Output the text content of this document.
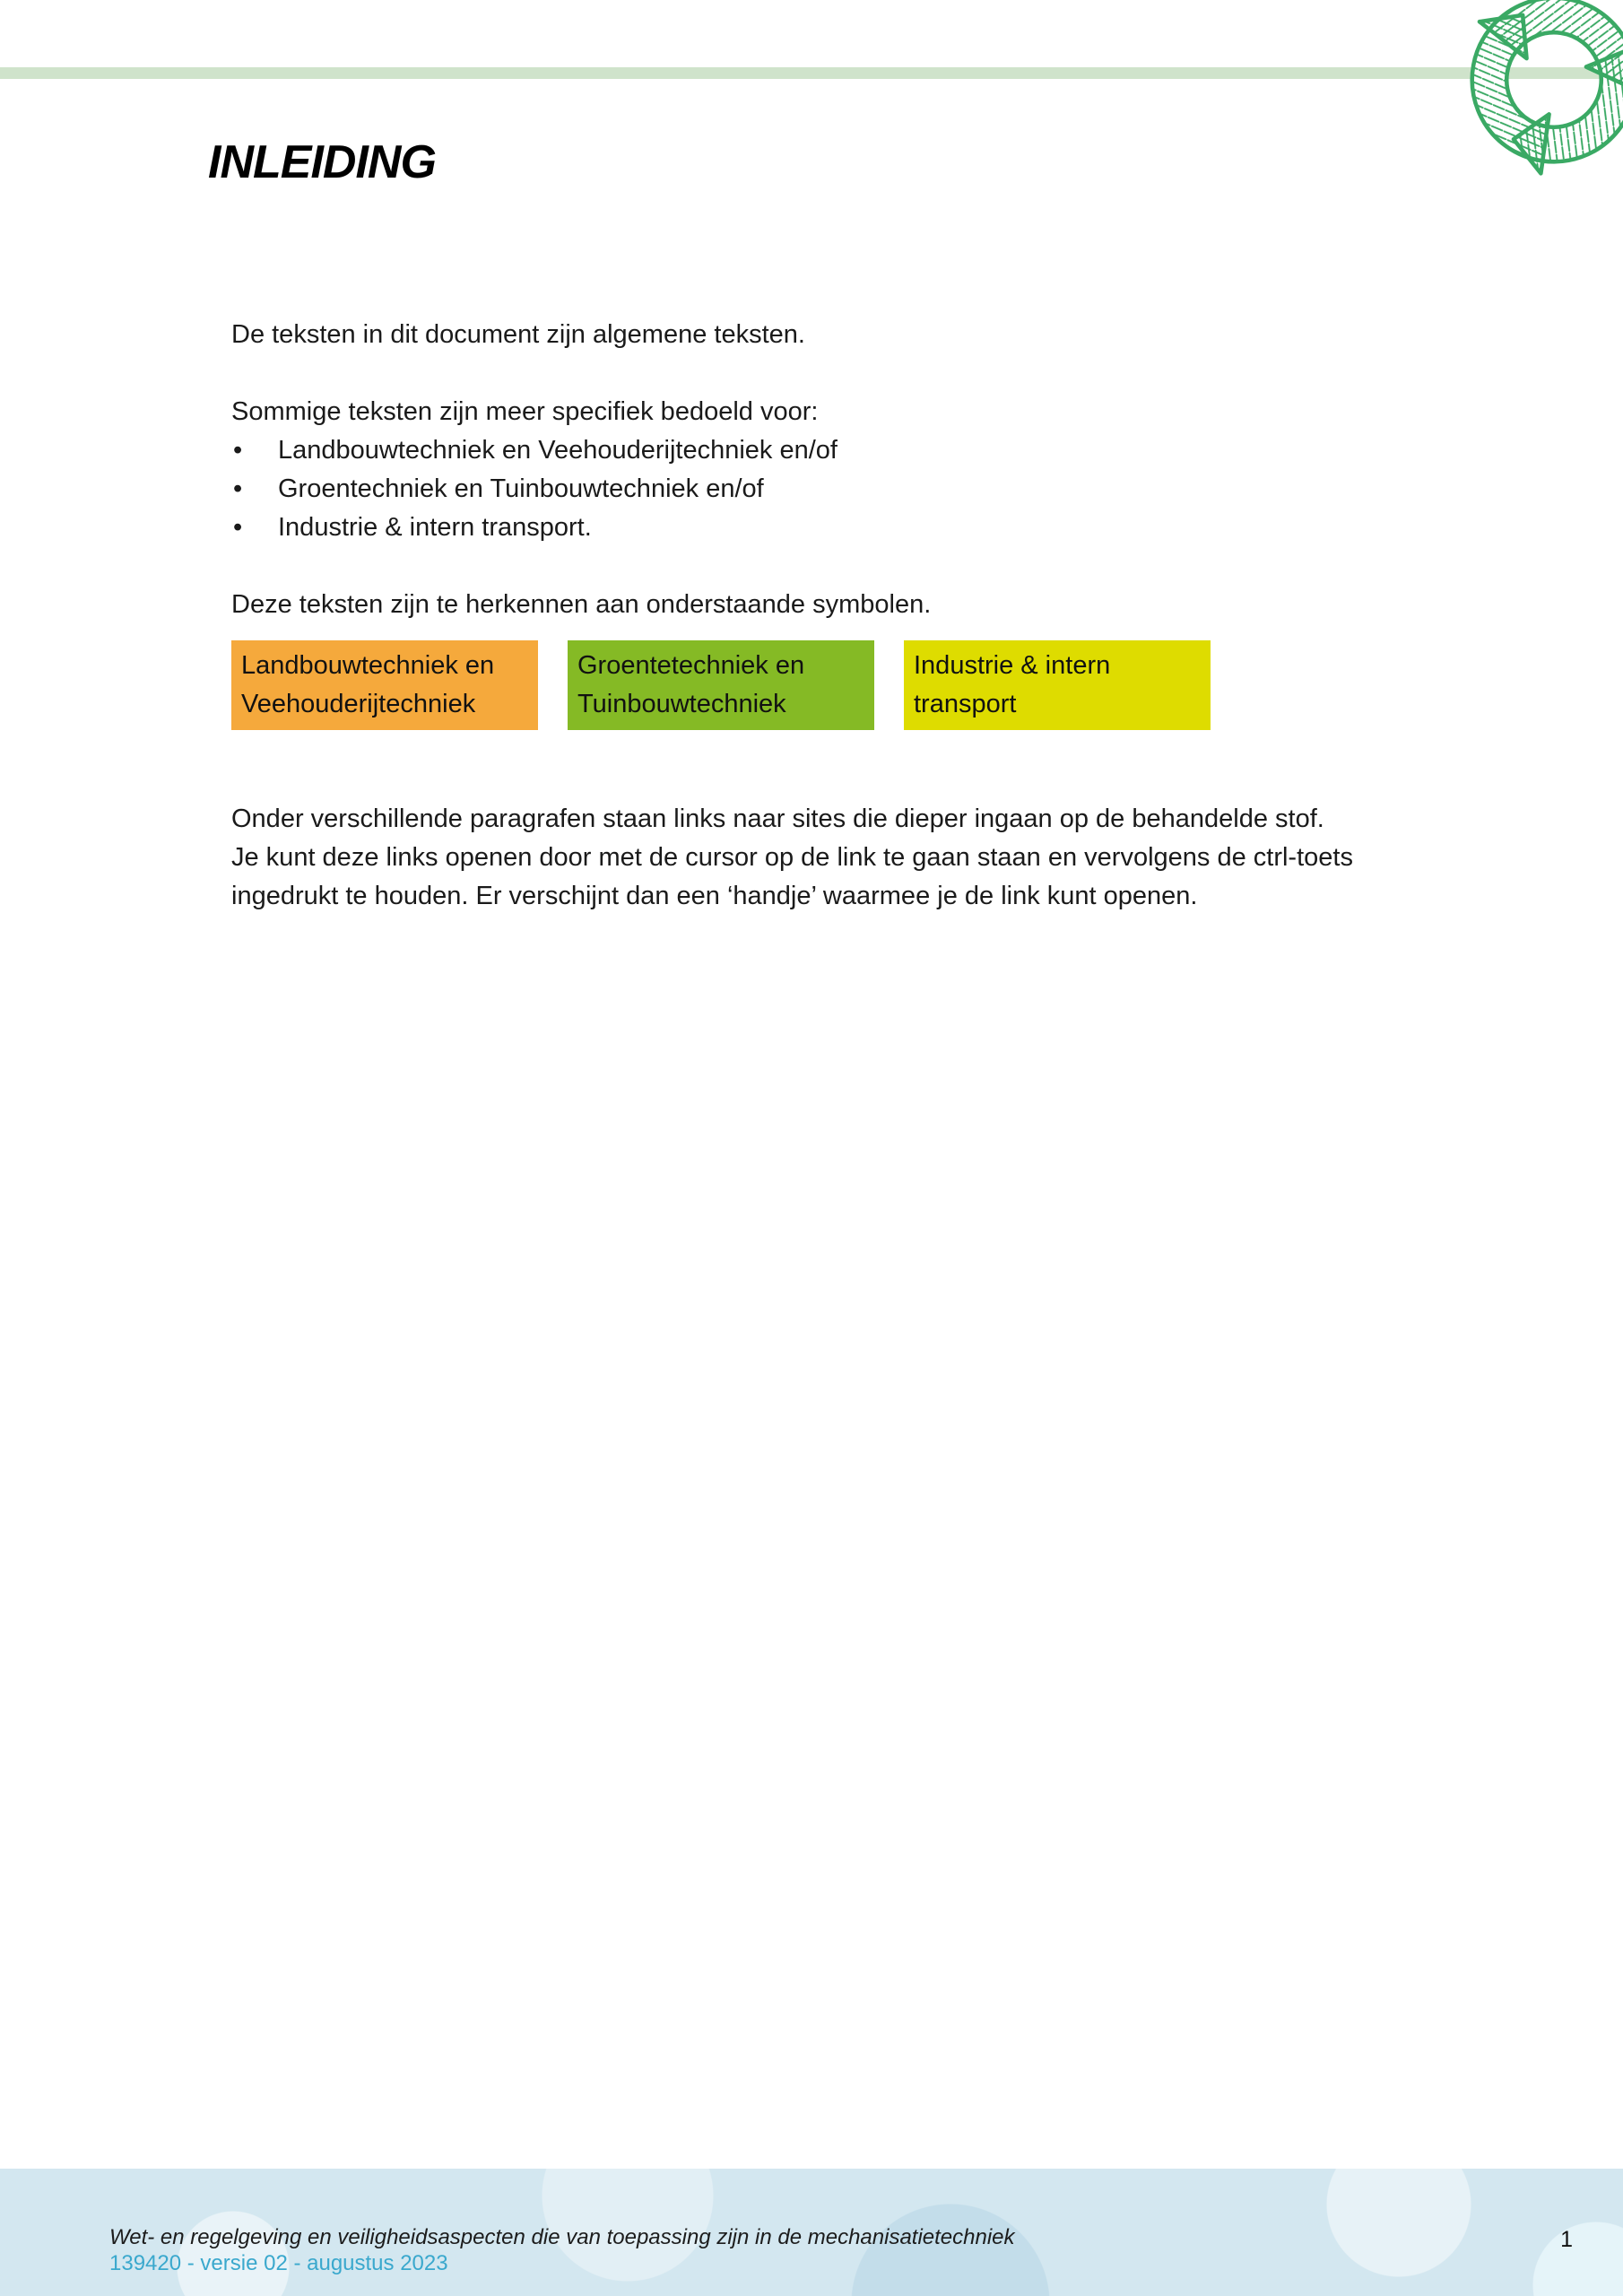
INLEIDING

De teksten in dit document zijn algemene teksten.

Sommige teksten zijn meer specifiek bedoeld voor:

• Landbouwtechniek en Veehouderijtechniek en/of
• Groentechniek en Tuinbouwtechniek en/of
• Industrie & intern transport.

Deze teksten zijn te herkennen aan onderstaande symbolen.

Landbouwtechniek en Veehouderijtechniek
Groentetechniek en Tuinbouwtechniek
Industrie & intern transport
Onder verschillende paragrafen staan links naar sites die dieper ingaan op de behandelde stof.
Je kunt deze links openen door met de cursor op de link te gaan staan en vervolgens de ctrl-toets
ingedrukt te houden. Er verschijnt dan een ‘handje’ waarmee je de link kunt openen.
Wet- en regelgeving en veiligheidsaspecten die van toepassing zijn in de mechanisatietechniek
139420 - versie 02 - augustus 2023
1
